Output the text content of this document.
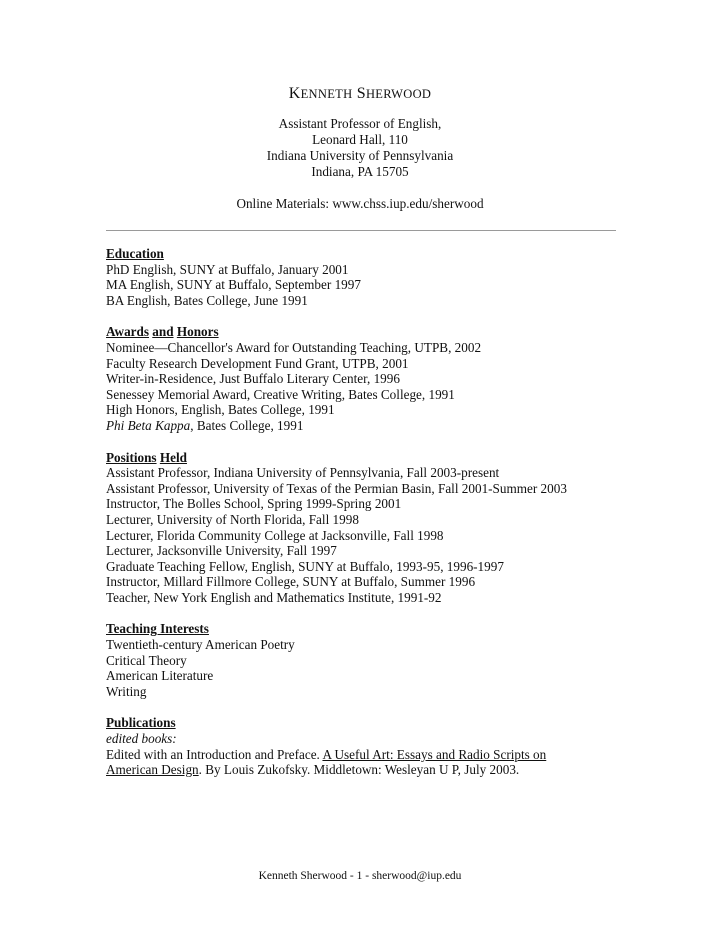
KENNETH SHERWOOD
Assistant Professor of English,
Leonard Hall, 110
Indiana University of Pennsylvania
Indiana, PA 15705
Online Materials: www.chss.iup.edu/sherwood
Education
PhD English, SUNY at Buffalo, January 2001
MA English, SUNY at Buffalo, September 1997
BA English, Bates College, June 1991
Awards and Honors
Nominee—Chancellor's Award for Outstanding Teaching, UTPB, 2002
Faculty Research Development Fund Grant, UTPB, 2001
Writer-in-Residence, Just Buffalo Literary Center, 1996
Senessey Memorial Award, Creative Writing, Bates College, 1991
High Honors, English, Bates College, 1991
Phi Beta Kappa, Bates College, 1991
Positions Held
Assistant Professor, Indiana University of Pennsylvania, Fall 2003-present
Assistant Professor, University of Texas of the Permian Basin, Fall 2001-Summer 2003
Instructor, The Bolles School, Spring 1999-Spring 2001
Lecturer, University of North Florida, Fall 1998
Lecturer, Florida Community College at Jacksonville, Fall 1998
Lecturer, Jacksonville University, Fall 1997
Graduate Teaching Fellow, English, SUNY at Buffalo, 1993-95, 1996-1997
Instructor, Millard Fillmore College, SUNY at Buffalo, Summer 1996
Teacher, New York English and Mathematics Institute, 1991-92
Teaching Interests
Twentieth-century American Poetry
Critical Theory
American Literature
Writing
Publications
edited books:
Edited with an Introduction and Preface. A Useful Art: Essays and Radio Scripts on American Design. By Louis Zukofsky. Middletown: Wesleyan U P, July 2003.
Kenneth Sherwood - 1 - sherwood@iup.edu
